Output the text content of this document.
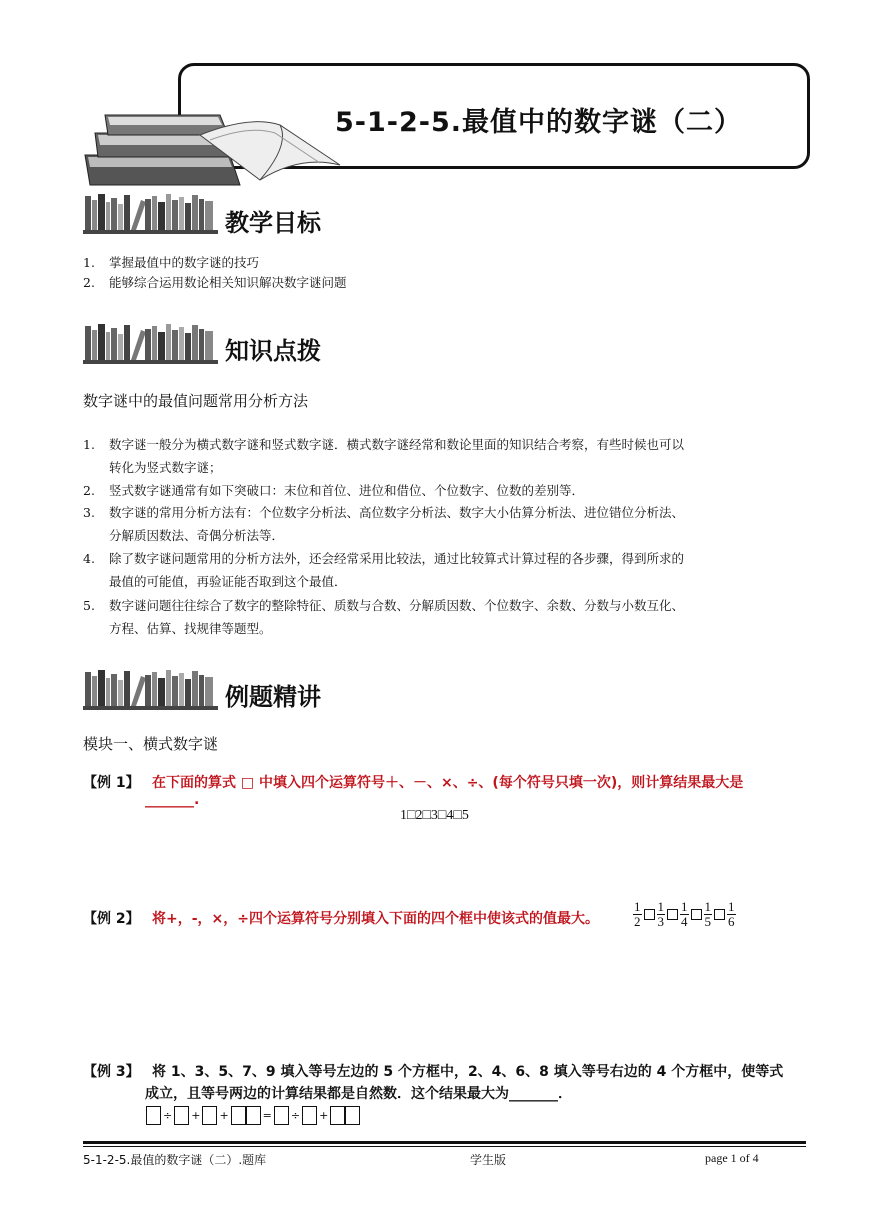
5-1-2-5.最值中的数字谜（二）
教学目标
1.	掌握最值中的数字谜的技巧
2.	能够综合运用数论相关知识解决数字谜问题
知识点拨
数字谜中的最值问题常用分析方法
1.	数字谜一般分为横式数字谜和竖式数字谜．横式数字谜经常和数论里面的知识结合考察，有些时候也可以
转化为竖式数字谜；
2.	竖式数字谜通常有如下突破口：末位和首位、进位和借位、个位数字、位数的差别等．
3.	数字谜的常用分析方法有：个位数字分析法、高位数字分析法、数字大小估算分析法、进位错位分析法、
分解质因数法、奇偶分析法等．
4.	除了数字谜问题常用的分析方法外，还会经常采用比较法，通过比较算式计算过程的各步骤，得到所求的
最值的可能值，再验证能否取到这个最值．
5.	数字谜问题往往综合了数字的整除特征、质数与合数、分解质因数、个位数字、余数、分数与小数互化、
方程、估算、找规律等题型。
例题精讲
模块一、横式数字谜
【例 1】 在下面的算式 □ 中填入四个运算符号＋、－、×、÷、(每个符号只填一次)，则计算结果最大是
_______.
1□2□3□4□5
【例 2】 将+，-，×，÷四个运算符号分别填入下面的四个框中使该式的值最大。	$\frac{1}{2} \frac{1}{3} \frac{1}{4} \frac{1}{5} \frac{1}{6}$
【例 3】 将 1、3、5、7、9 填入等号左边的 5 个方框中，2、4、6、8 填入等号右边的 4 个方框中，使等式
成立，且等号两边的计算结果都是自然数．这个结果最大为_______．
÷ + +	= ÷ +
5-1-2-5.最值的数字谜（二）.题库	学生版	page 1 of 4
